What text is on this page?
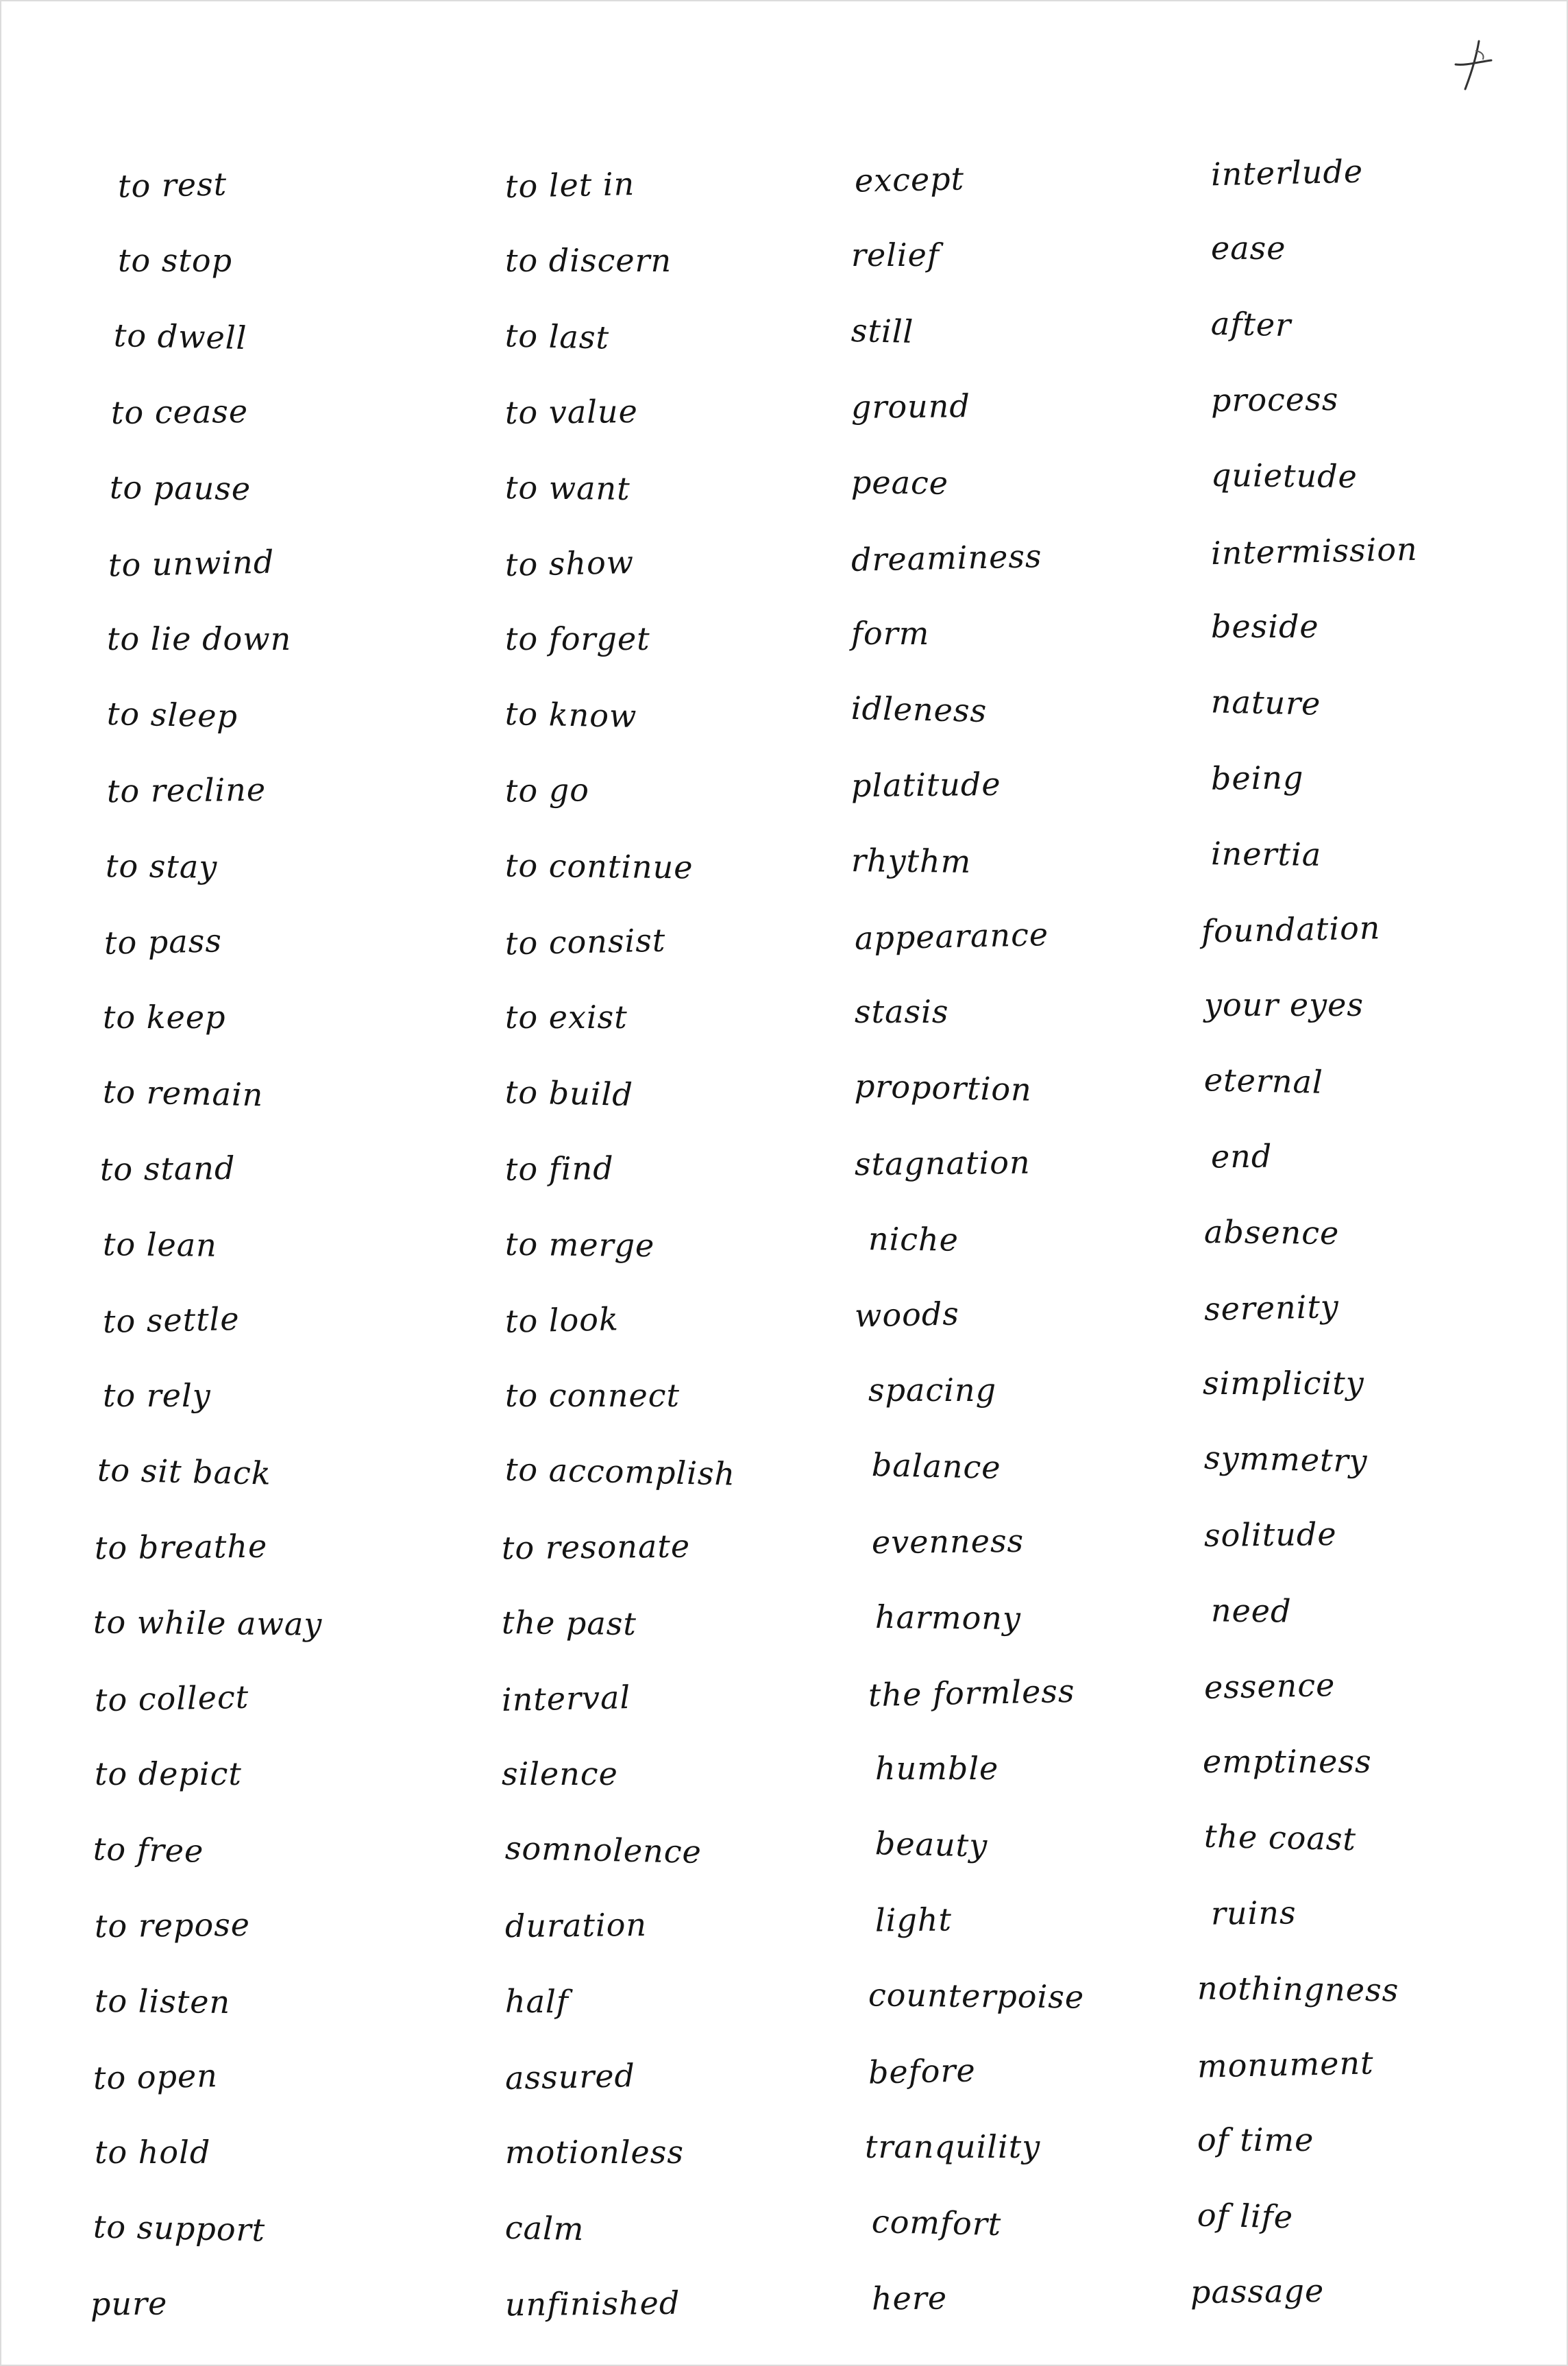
to rest
to stop
to dwell
to cease
to pause
to unwind
to lie down
to sleep
to recline
to stay
to pass
to keep
to remain
to stand
to lean
to settle
to rely
to sit back
to breathe
to while away
to collect
to depict
to free
to repose
to listen
to open
to hold
to support
pure
to let in
to discern
to last
to value
to want
to show
to forget
to know
to go
to continue
to consist
to exist
to build
to find
to merge
to look
to connect
to accomplish
to resonate
the past
interval
silence
somnolence
duration
half
assured
motionless
calm
unfinished
except
relief
still
ground
peace
dreaminess
form
idleness
platitude
rhythm
appearance
stasis
proportion
stagnation
niche
woods
spacing
balance
evenness
harmony
the formless
humble
beauty
light
counterpoise
before
tranquility
comfort
here
interlude
ease
after
process
quietude
intermission
beside
nature
being
inertia
foundation
your eyes
eternal
end
absence
serenity
simplicity
symmetry
solitude
need
essence
emptiness
the coast
ruins
nothingness
monument
of time
of life
passage
